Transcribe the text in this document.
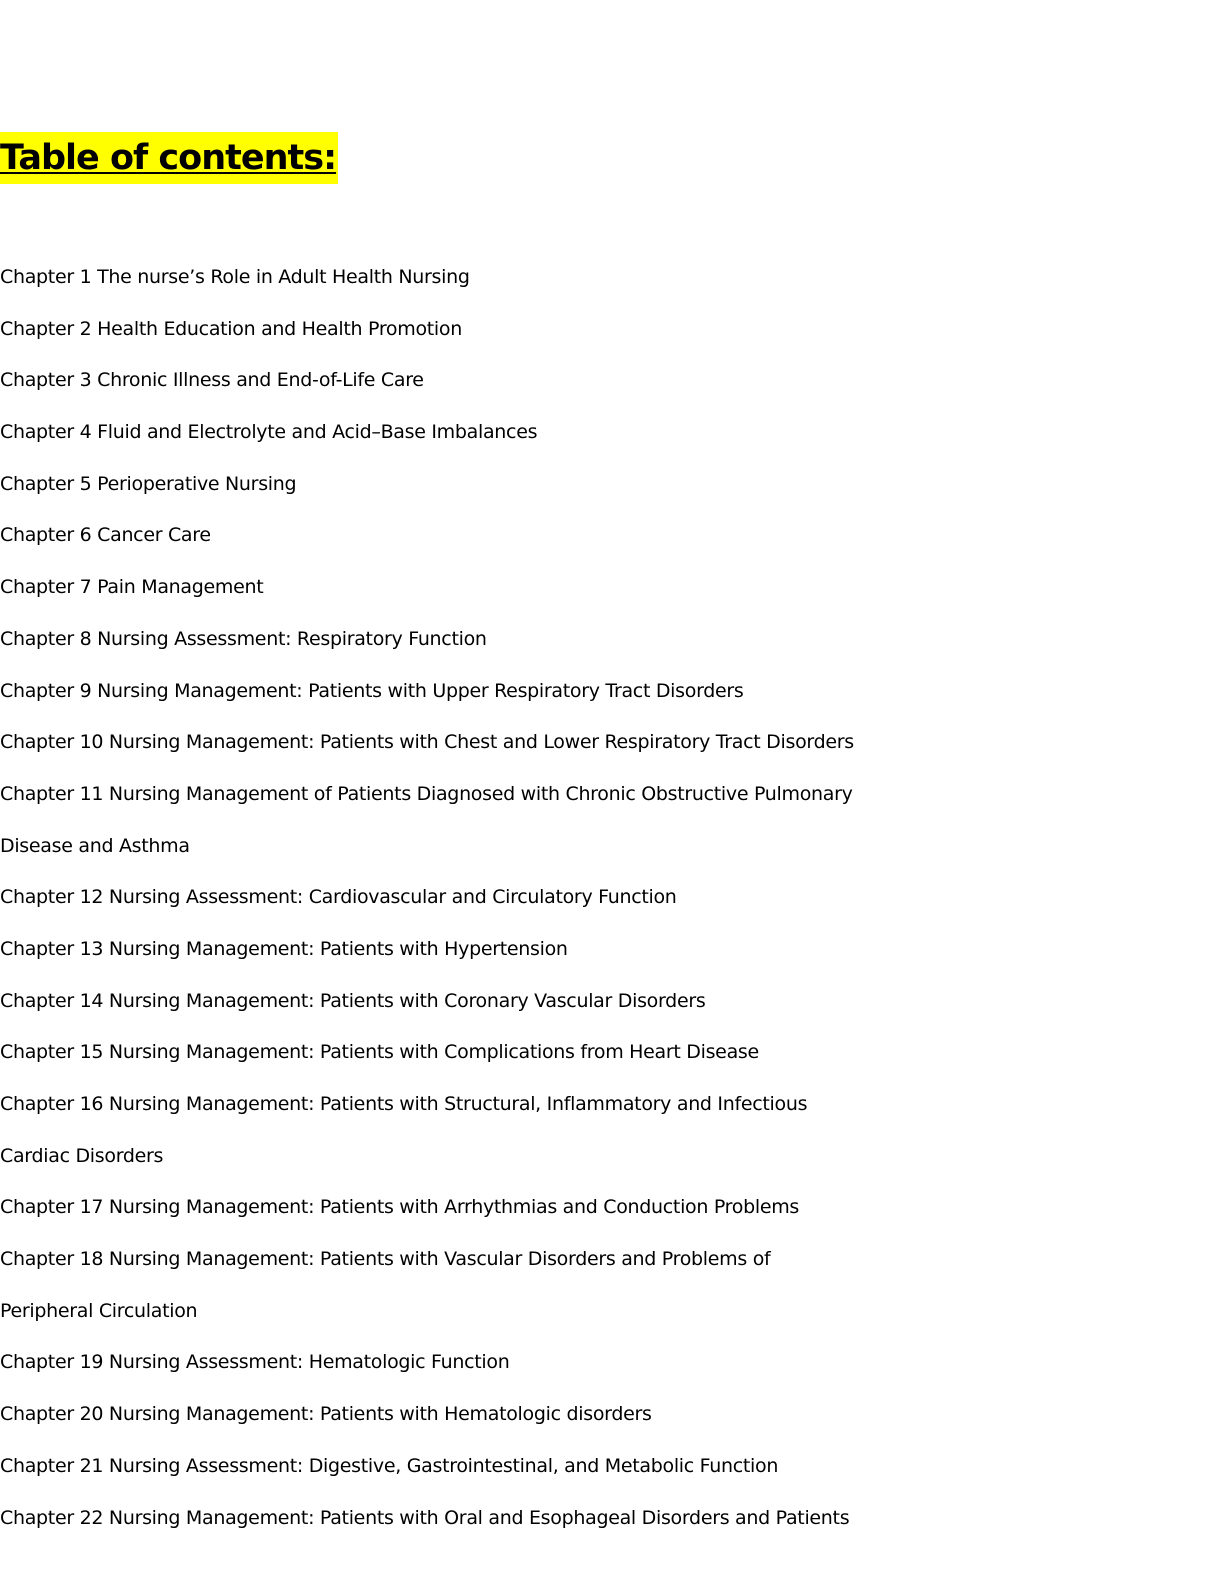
Table of contents:
Chapter 1 The nurse’s Role in Adult Health Nursing
Chapter 2 Health Education and Health Promotion
Chapter 3 Chronic Illness and End-of-Life Care
Chapter 4 Fluid and Electrolyte and Acid–Base Imbalances
Chapter 5 Perioperative Nursing
Chapter 6 Cancer Care
Chapter 7 Pain Management
Chapter 8 Nursing Assessment: Respiratory Function
Chapter 9 Nursing Management: Patients with Upper Respiratory Tract Disorders
Chapter 10 Nursing Management: Patients with Chest and Lower Respiratory Tract Disorders
Chapter 11 Nursing Management of Patients Diagnosed with Chronic Obstructive Pulmonary
Disease and Asthma
Chapter 12 Nursing Assessment: Cardiovascular and Circulatory Function
Chapter 13 Nursing Management: Patients with Hypertension
Chapter 14 Nursing Management: Patients with Coronary Vascular Disorders
Chapter 15 Nursing Management: Patients with Complications from Heart Disease
Chapter 16 Nursing Management: Patients with Structural, Inflammatory and Infectious
Cardiac Disorders
Chapter 17 Nursing Management: Patients with Arrhythmias and Conduction Problems
Chapter 18 Nursing Management: Patients with Vascular Disorders and Problems of
Peripheral Circulation
Chapter 19 Nursing Assessment: Hematologic Function
Chapter 20 Nursing Management: Patients with Hematologic disorders
Chapter 21 Nursing Assessment: Digestive, Gastrointestinal, and Metabolic Function
Chapter 22 Nursing Management: Patients with Oral and Esophageal Disorders and Patients
